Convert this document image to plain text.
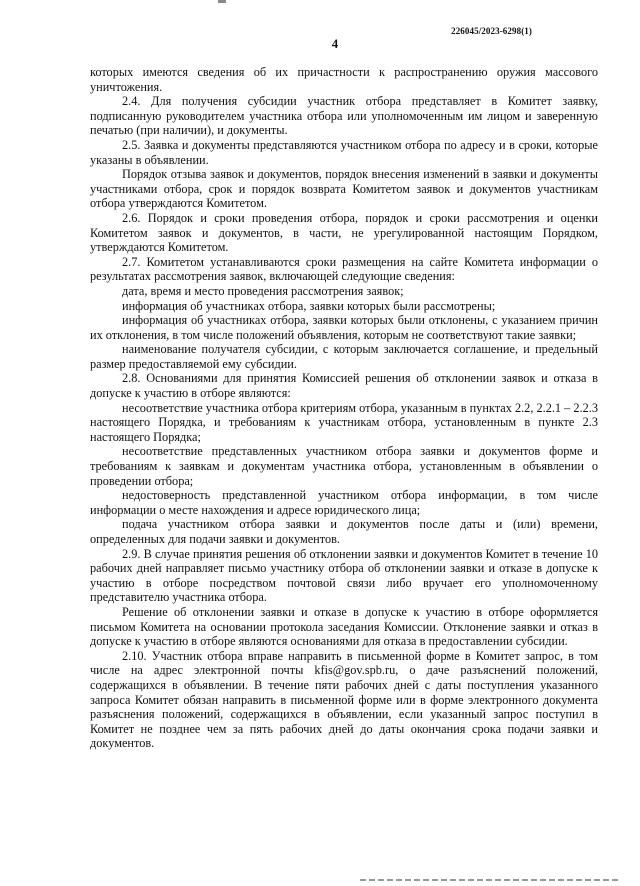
226045/2023-6298(1)
4

которых имеются сведения об их причастности к распространению оружия массового уничтожения.

2.4. Для получения субсидии участник отбора представляет в Комитет заявку, подписанную руководителем участника отбора или уполномоченным им лицом и заверенную печатью (при наличии), и документы.

2.5. Заявка и документы представляются участником отбора по адресу и в сроки, которые указаны в объявлении.

Порядок отзыва заявок и документов, порядок внесения изменений в заявки и документы участниками отбора, срок и порядок возврата Комитетом заявок и документов участникам отбора утверждаются Комитетом.

2.6. Порядок и сроки проведения отбора, порядок и сроки рассмотрения и оценки Комитетом заявок и документов, в части, не урегулированной настоящим Порядком, утверждаются Комитетом.

2.7. Комитетом устанавливаются сроки размещения на сайте Комитета информации о результатах рассмотрения заявок, включающей следующие сведения:

дата, время и место проведения рассмотрения заявок;

информация об участниках отбора, заявки которых были рассмотрены;

информация об участниках отбора, заявки которых были отклонены, с указанием причин их отклонения, в том числе положений объявления, которым не соответствуют такие заявки;

наименование получателя субсидии, с которым заключается соглашение, и предельный размер предоставляемой ему субсидии.

2.8. Основаниями для принятия Комиссией решения об отклонении заявок и отказа в допуске к участию в отборе являются:

несоответствие участника отбора критериям отбора, указанным в пунктах 2.2, 2.2.1 – 2.2.3 настоящего Порядка, и требованиям к участникам отбора, установленным в пункте 2.3 настоящего Порядка;

несоответствие представленных участником отбора заявки и документов форме и требованиям к заявкам и документам участника отбора, установленным в объявлении о проведении отбора;

недостоверность представленной участником отбора информации, в том числе информации о месте нахождения и адресе юридического лица;

подача участником отбора заявки и документов после даты и (или) времени, определенных для подачи заявки и документов.

2.9. В случае принятия решения об отклонении заявки и документов Комитет в течение 10 рабочих дней направляет письмо участнику отбора об отклонении заявки и отказе в допуске к участию в отборе посредством почтовой связи либо вручает его уполномоченному представителю участника отбора.

Решение об отклонении заявки и отказе в допуске к участию в отборе оформляется письмом Комитета на основании протокола заседания Комиссии. Отклонение заявки и отказ в допуске к участию в отборе являются основаниями для отказа в предоставлении субсидии.

2.10. Участник отбора вправе направить в письменной форме в Комитет запрос, в том числе на адрес электронной почты kfis@gov.spb.ru, о даче разъяснений положений, содержащихся в объявлении. В течение пяти рабочих дней с даты поступления указанного запроса Комитет обязан направить в письменной форме или в форме электронного документа разъяснения положений, содержащихся в объявлении, если указанный запрос поступил в Комитет не позднее чем за пять рабочих дней до даты окончания срока подачи заявки и документов.
